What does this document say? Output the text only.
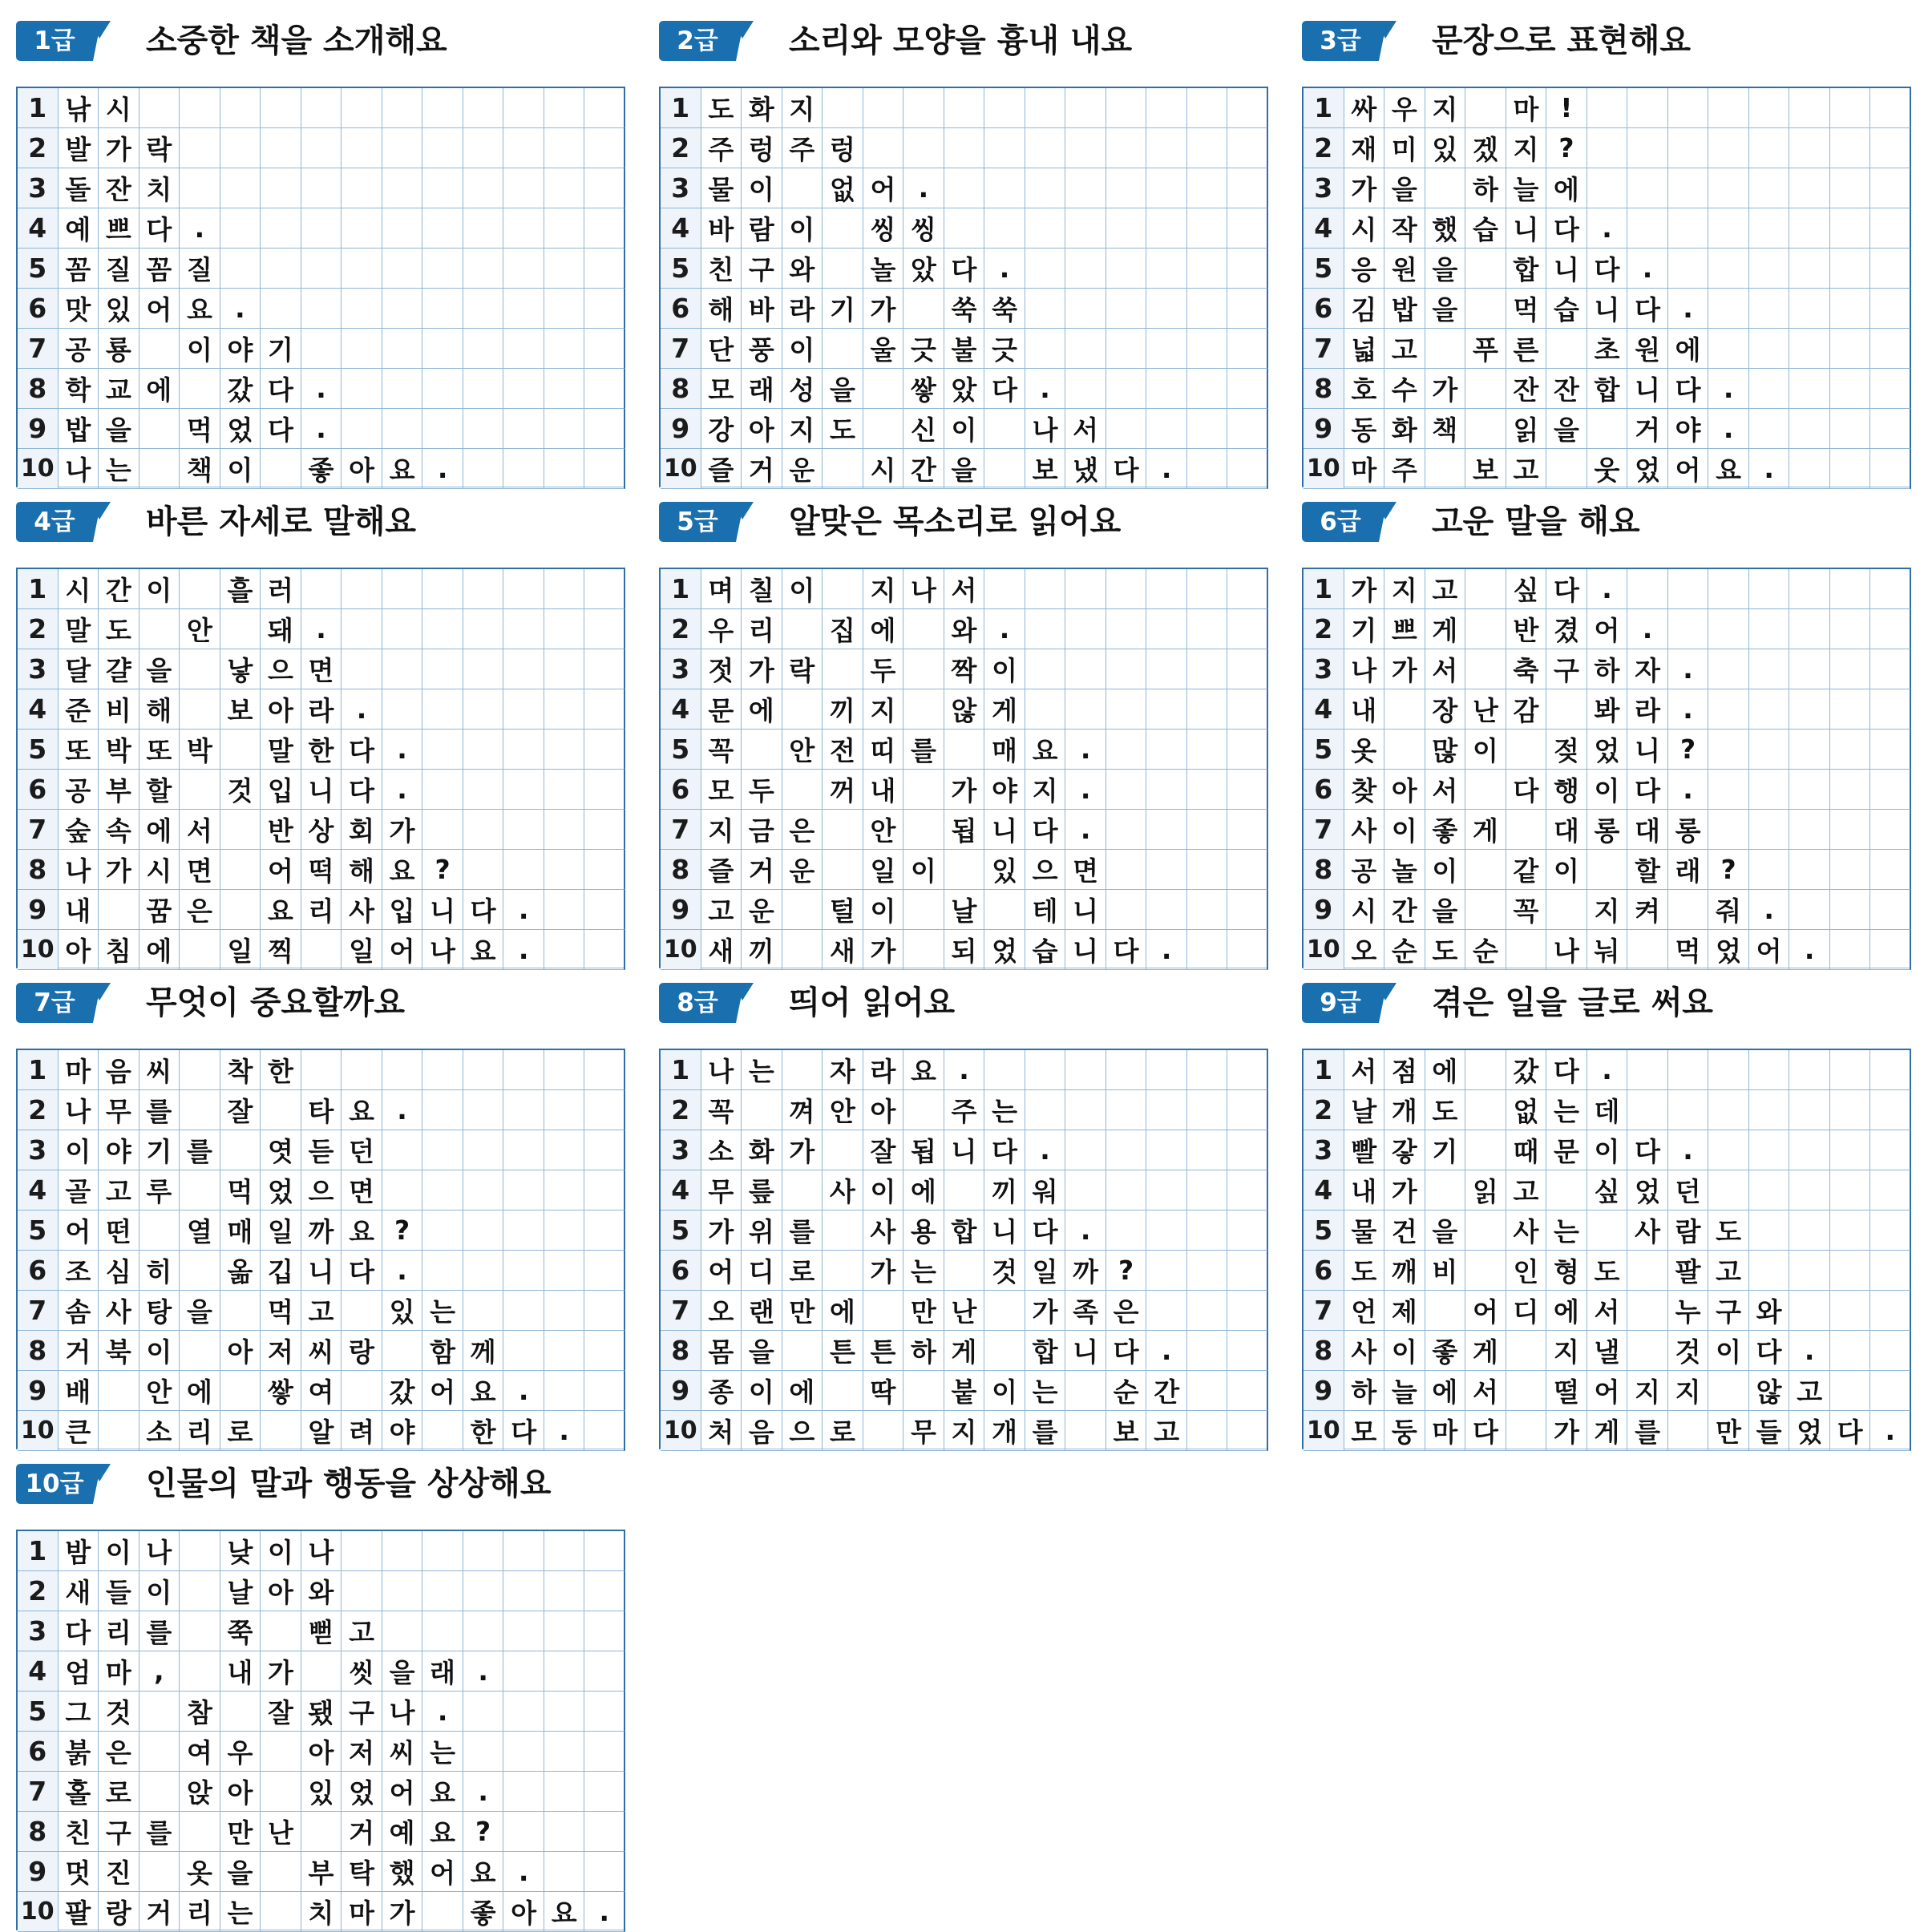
1급	소중한 책을 소개해요
1 낚 시
2 발 가 락
3 돌 잔 치
4 예 쁘 다 .
5 꼼 질 꼼 질
6 맛 있 어 요 .
7 공 룡 이 야 기
8 학 교 에 갔 다 .
9 밥 을 먹 었 다 .
10 나 는 책 이 좋 아 요 .
2급	소리와 모양을 흉내 내요
1 도 화 지
2 주 렁 주 렁
3 물 이 없 어 .
4 바 람 이 씽 씽
5 친 구 와 놀 았 다 .
6 해 바 라 기 가 쑥 쑥
7 단 풍 이 울 긋 불 긋
8 모 래 성 을 쌓 았 다 .
9 강 아 지 도 신 이 나 서
10 즐 거 운 시 간 을 보 냈 다 .
3급	문장으로 표현해요
1 싸 우 지 마 !
2 재 미 있 겠 지 ?
3 가 을 하 늘 에
4 시 작 했 습 니 다 .
5 응 원 을 합 니 다 .
6 김 밥 을 먹 습 니 다 .
7 넓 고 푸 른 초 원 에
8 호 수 가 잔 잔 합 니 다 .
9 동 화 책 읽 을 거 야 .
10 마 주 보 고 웃 었 어 요 .
4급	바른 자세로 말해요
1 시 간 이 흘 러
2 말 도 안 돼 .
3 달 걀 을 낳 으 면
4 준 비 해 보 아 라 .
5 또 박 또 박 말 한 다 .
6 공 부 할 것 입 니 다 .
7 숲 속 에 서 반 상 회 가
8 나 가 시 면 어 떡 해 요 ?
9 내 꿈 은 요 리 사 입 니 다 .
10 아 침 에 일 찍 일 어 나 요 .
5급	알맞은 목소리로 읽어요
1 며 칠 이 지 나 서
2 우 리 집 에 와 .
3 젓 가 락 두 짝 이
4 문 에 끼 지 않 게
5 꼭 안 전 띠 를 매 요 .
6 모 두 꺼 내 가 야 지 .
7 지 금 은 안 됩 니 다 .
8 즐 거 운 일 이 있 으 면
9 고 운 털 이 날 테 니
10 새 끼 새 가 되 었 습 니 다 .
6급	고운 말을 해요
1 가 지 고 싶 다 .
2 기 쁘 게 반 겼 어 .
3 나 가 서 축 구 하 자 .
4 내 장 난 감 봐 라 .
5 옷 많 이 젖 었 니 ?
6 찾 아 서 다 행 이 다 .
7 사 이 좋 게 대 롱 대 롱
8 공 놀 이 같 이 할 래 ?
9 시 간 을 꼭 지 켜 줘 .
10 오 순 도 순 나 눠 먹 었 어 .
7급	무엇이 중요할까요
1 마 음 씨 착 한
2 나 무 를 잘 타 요 .
3 이 야 기 를 엿 듣 던
4 골 고 루 먹 었 으 면
5 어 떤 열 매 일 까 요 ?
6 조 심 히 옮 깁 니 다 .
7 솜 사 탕 을 먹 고 있 는
8 거 북 이 아 저 씨 랑 함 께
9 배 안 에 쌓 여 갔 어 요 .
10 큰 소 리 로 알 려 야 한 다 .
8급	띄어 읽어요
1 나 는 자 라 요 .
2 꼭 껴 안 아 주 는
3 소 화 가 잘 됩 니 다 .
4 무 릎 사 이 에 끼 워
5 가 위 를 사 용 합 니 다 .
6 어 디 로 가 는 것 일 까 ?
7 오 랜 만 에 만 난 가 족 은
8 몸 을 튼 튼 하 게 합 니 다 .
9 종 이 에 딱 붙 이 는 순 간
10 처 음 으 로 무 지 개 를 보 고
9급	겪은 일을 글로 써요
1 서 점 에 갔 다 .
2 날 개 도 없 는 데
3 빨 갛 기 때 문 이 다 .
4 내 가 읽 고 싶 었 던
5 물 건 을 사 는 사 람 도
6 도 깨 비 인 형 도 팔 고
7 언 제 어 디 에 서 누 구 와
8 사 이 좋 게 지 낼 것 이 다 .
9 하 늘 에 서 떨 어 지 지 않 고
10 모 둥 마 다 가 게 를 만 들 었 다 .
10급 인물의 말과 행동을 상상해요
1 밤 이 나 낮 이 나
2 새 들 이 날 아 와
3 다 리 를 쭉 뻗 고
4 엄 마 ,	내 가 씻 을 래 .
5 그 것 참 잘 됐 구 나 .
6 붉 은 여 우 아 저 씨 는
7 홀 로 앉 아 있 었 어 요 .
8 친 구 를 만 난 거 예 요 ?
9 멋 진 옷 을 부 탁 했 어 요 .
10 팔 랑 거 리 는 치 마 가 좋 아 요 .
